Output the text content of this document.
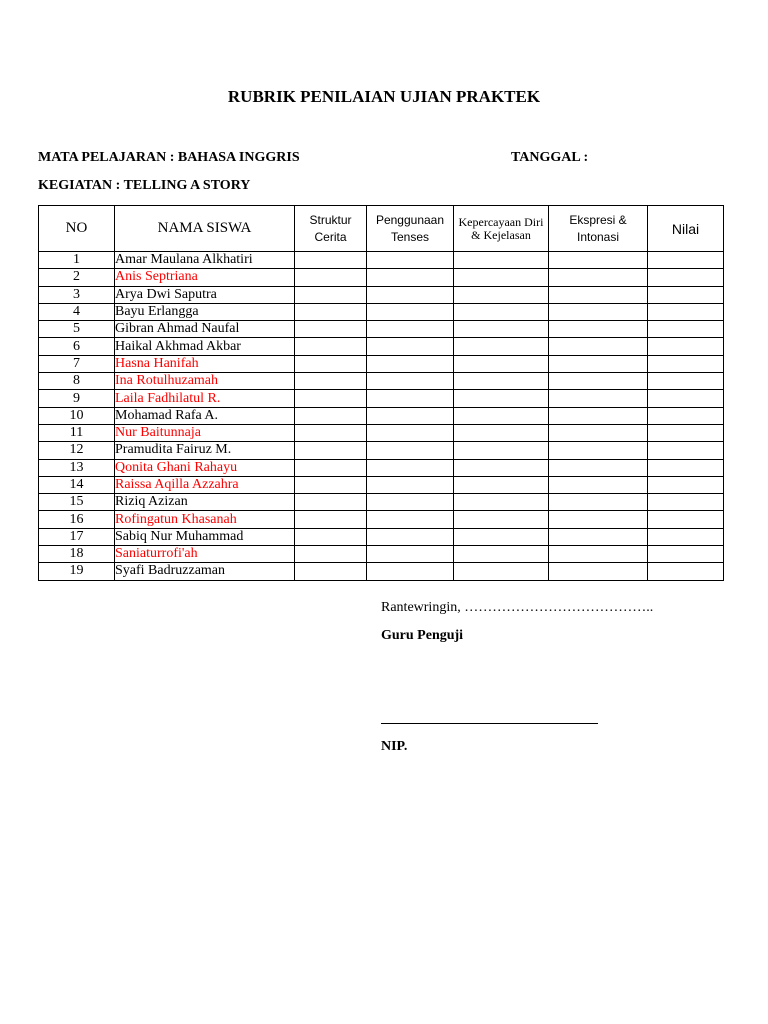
RUBRIK PENILAIAN UJIAN PRAKTEK
MATA PELAJARAN : BAHASA INGGRIS	TANGGAL :
KEGIATAN : TELLING A STORY
NO	NAMA SISWA	Struktur Cerita	Penggunaan Tenses	Kepercayaan Diri & Kejelasan	Ekspresi & Intonasi	Nilai
1	Amar Maulana Alkhatiri					
2	Anis Septriana					
3	Arya Dwi Saputra					
4	Bayu Erlangga					
5	Gibran Ahmad Naufal					
6	Haikal Akhmad Akbar					
7	Hasna Hanifah					
8	Ina Rotulhuzamah					
9	Laila Fadhilatul R.					
10	Mohamad Rafa A.					
11	Nur Baitunnaja					
12	Pramudita Fairuz M.					
13	Qonita Ghani Rahayu					
14	Raissa Aqilla Azzahra					
15	Riziq Azizan					
16	Rofingatun Khasanah					
17	Sabiq Nur Muhammad					
18	Saniaturrofi'ah					
19	Syafi Badruzzaman					
Rantewringin, …………………………………..
Guru Penguji
NIP.
